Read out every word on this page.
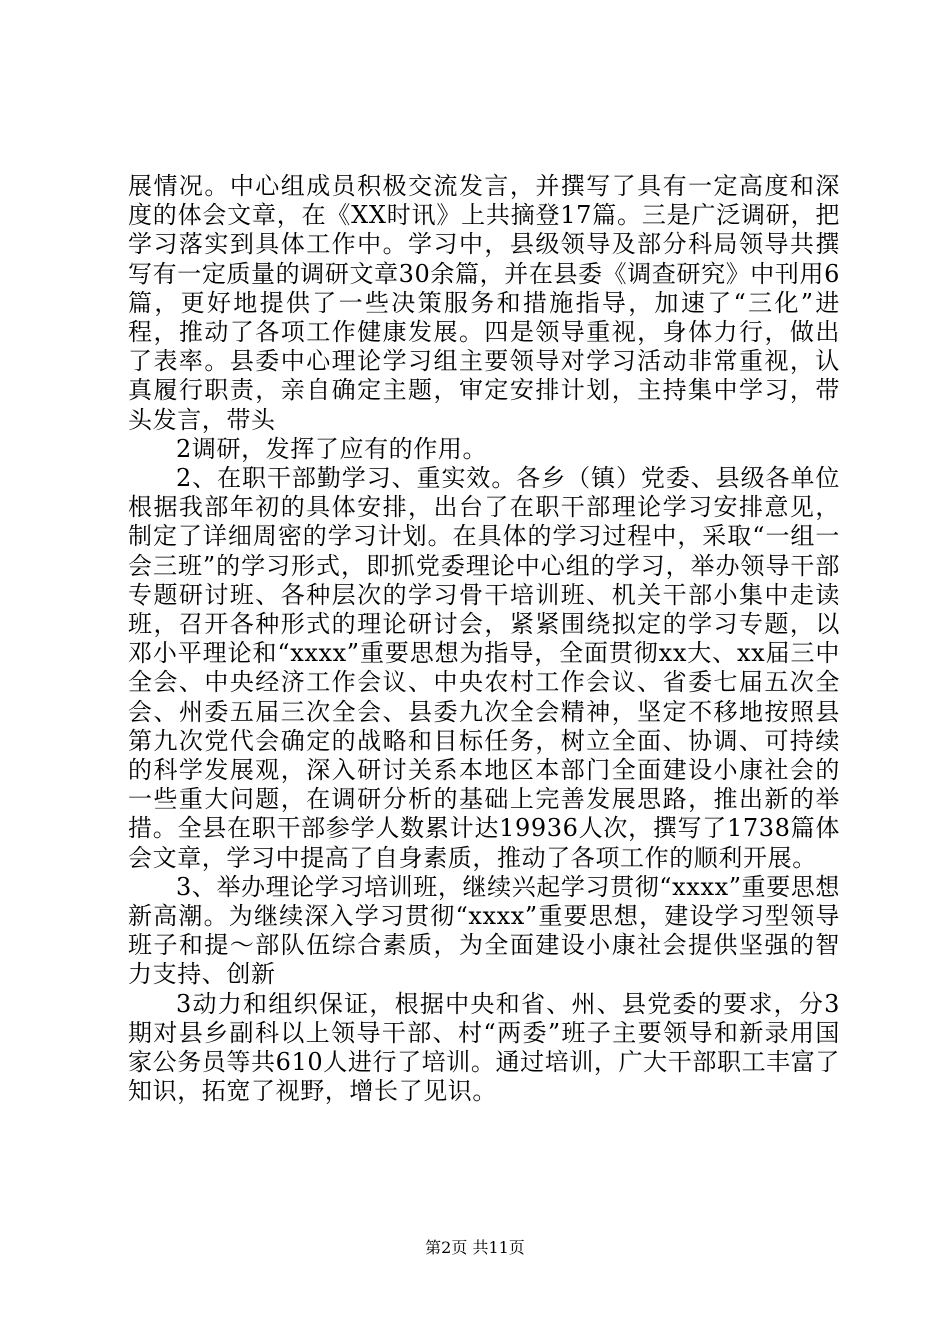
展情况。中心组成员积极交流发言，并撰写了具有一定高度和深度的体会文章，在《XX时讯》上共摘登17篇。三是广泛调研，把学习落实到具体工作中。学习中，县级领导及部分科局领导共撰写有一定质量的调研文章30余篇，并在县委《调查研究》中刊用6篇，更好地提供了一些决策服务和措施指导，加速了“三化”进程，推动了各项工作健康发展。四是领导重视，身体力行，做出了表率。县委中心理论学习组主要领导对学习活动非常重视，认真履行职责，亲自确定主题，审定安排计划，主持集中学习，带头发言，带头

2调研，发挥了应有的作用。

2、在职干部勤学习、重实效。各乡（镇）党委、县级各单位根据我部年初的具体安排，出台了在职干部理论学习安排意见，制定了详细周密的学习计划。在具体的学习过程中，采取“一组一会三班”的学习形式，即抓党委理论中心组的学习，举办领导干部专题研讨班、各种层次的学习骨干培训班、机关干部小集中走读班，召开各种形式的理论研讨会，紧紧围绕拟定的学习专题，以邓小平理论和“xxxx”重要思想为指导，全面贯彻xx大、xx届三中全会、中央经济工作会议、中央农村工作会议、省委七届五次全会、州委五届三次全会、县委九次全会精神，坚定不移地按照县第九次党代会确定的战略和目标任务，树立全面、协调、可持续的科学发展观，深入研讨关系本地区本部门全面建设小康社会的一些重大问题，在调研分析的基础上完善发展思路，推出新的举措。全县在职干部参学人数累计达19936人次，撰写了1738篇体会文章，学习中提高了自身素质，推动了各项工作的顺利开展。

3、举办理论学习培训班，继续兴起学习贯彻“xxxx”重要思想新高潮。为继续深入学习贯彻“xxxx”重要思想，建设学习型领导班子和提～部队伍综合素质，为全面建设小康社会提供坚强的智力支持、创新

3动力和组织保证，根据中央和省、州、县党委的要求，分3期对县乡副科以上领导干部、村“两委”班子主要领导和新录用国家公务员等共610人进行了培训。通过培训，广大干部职工丰富了知识，拓宽了视野，增长了见识。

第2页 共11页
